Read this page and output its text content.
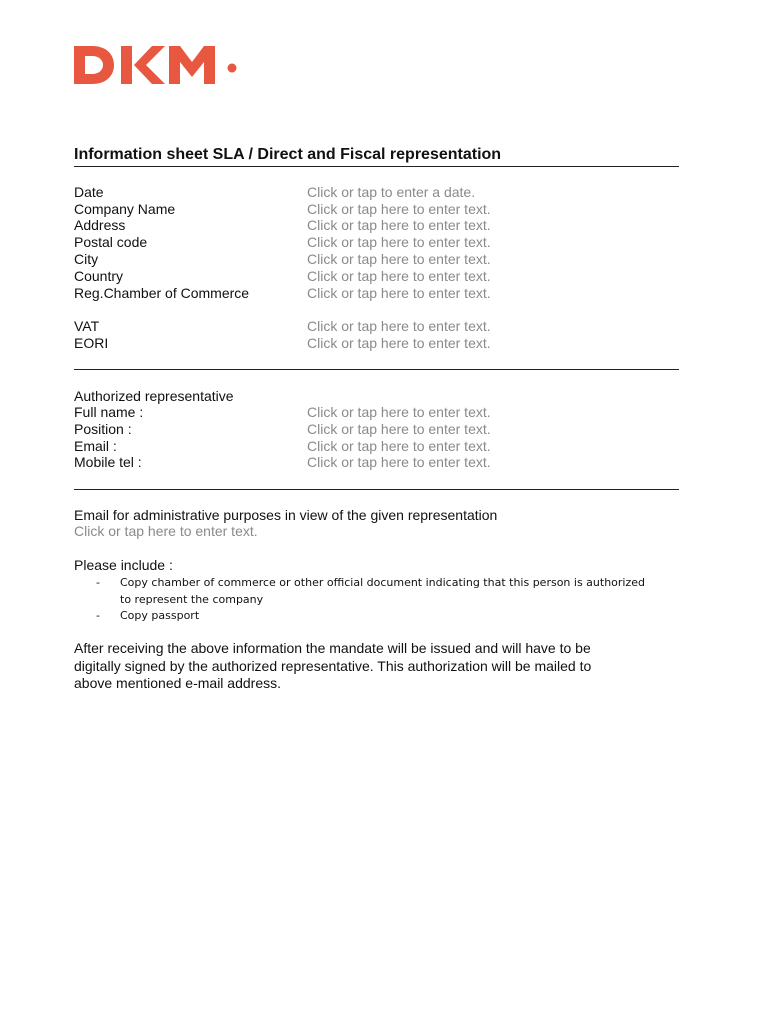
Information sheet SLA / Direct and Fiscal representation
Date	Click or tap to enter a date.
Company Name	Click or tap here to enter text.
Address	Click or tap here to enter text.
Postal code	Click or tap here to enter text.
City	Click or tap here to enter text.
Country	Click or tap here to enter text.
Reg.Chamber of Commerce	Click or tap here to enter text.
VAT	Click or tap here to enter text.
EORI	Click or tap here to enter text.
Authorized representative
Full name :	Click or tap here to enter text.
Position :	Click or tap here to enter text.
Email :	Click or tap here to enter text.
Mobile tel :	Click or tap here to enter text.
Email for administrative purposes in view of the given representation
Click or tap here to enter text.
Please include :
- Copy chamber of commerce or other official document indicating that this person is authorized
to represent the company
- Copy passport
After receiving the above information the mandate will be issued and will have to be
digitally signed by the authorized representative. This authorization will be mailed to
above mentioned e-mail address.
